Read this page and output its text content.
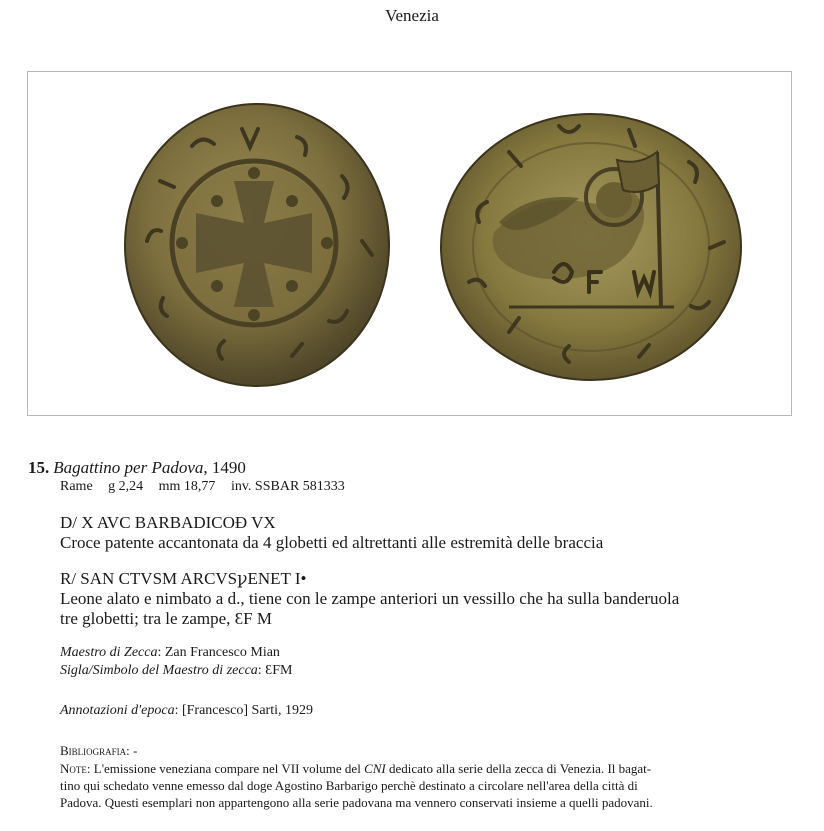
Venezia
15. Bagattino per Padova, 1490
Rame g 2,24 mm 18,77 inv. SSBAR 581333
D/ X AVC BARBADICOÐ VX
Croce patente accantonata da 4 globetti ed altrettanti alle estremità delle braccia
R/ ЅAN CTVSM ARCVSꝩENET I•
Leone alato e nimbato a d., tiene con le zampe anteriori un vessillo che ha sulla banderuola
tre globetti; tra le zampe, ƐF M
Maestro di Zecca: Zan Francesco Mian
Sigla/Simbolo del Maestro di zecca: ƐFM
Annotazioni d'epoca: [Francesco] Sarti, 1929
Bibliografia: -
Note: L'emissione veneziana compare nel VII volume del CNI dedicato alla serie della zecca di Venezia. Il bagat-
tino qui schedato venne emesso dal doge Agostino Barbarigo perchè destinato a circolare nell'area della città di
Padova. Questi esemplari non appartengono alla serie padovana ma vennero conservati insieme a quelli padovani.
